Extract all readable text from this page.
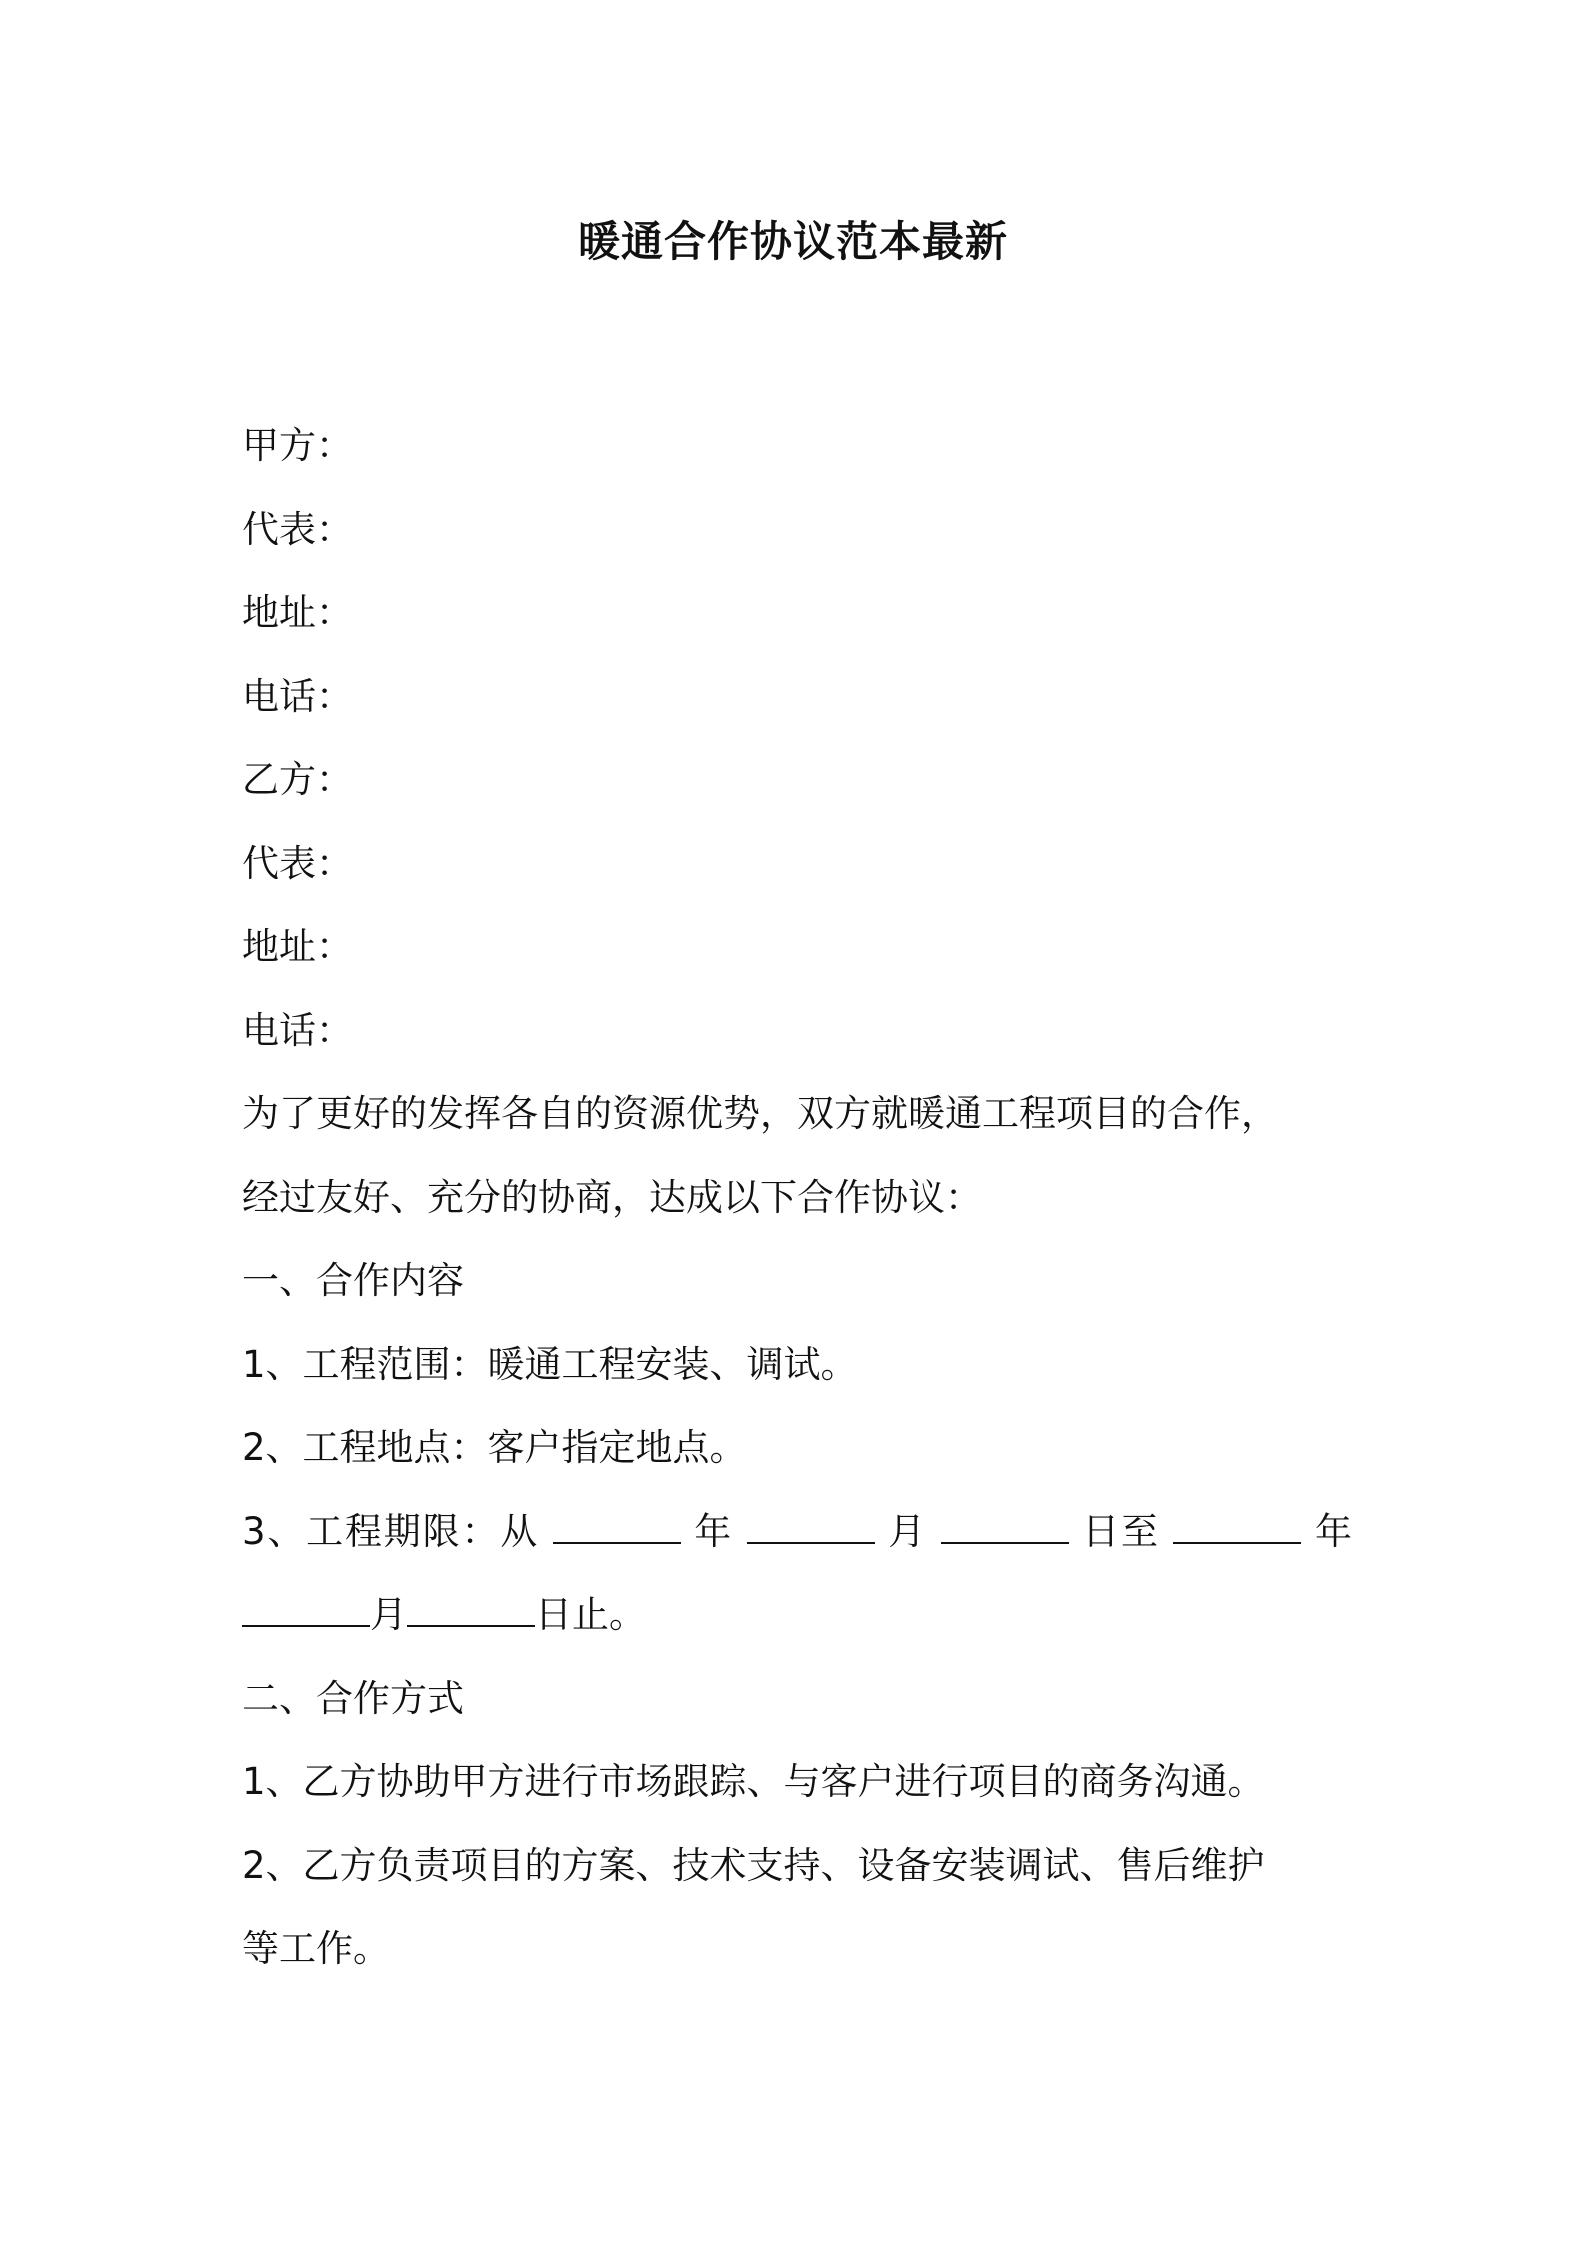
暖通合作协议范本最新
甲方：
代表：
地址：
电话：
乙方：
代表：
地址：
电话：
为了更好的发挥各自的资源优势，双方就暖通工程项目的合作，
经过友好、充分的协商，达成以下合作协议：
一、合作内容
1、工程范围：暖通工程安装、调试。
2、工程地点：客户指定地点。
3、工程期限：从	年	月	日至	年
月	日止。
二、合作方式
1、乙方协助甲方进行市场跟踪、与客户进行项目的商务沟通。
2、乙方负责项目的方案、技术支持、设备安装调试、售后维护
等工作。
